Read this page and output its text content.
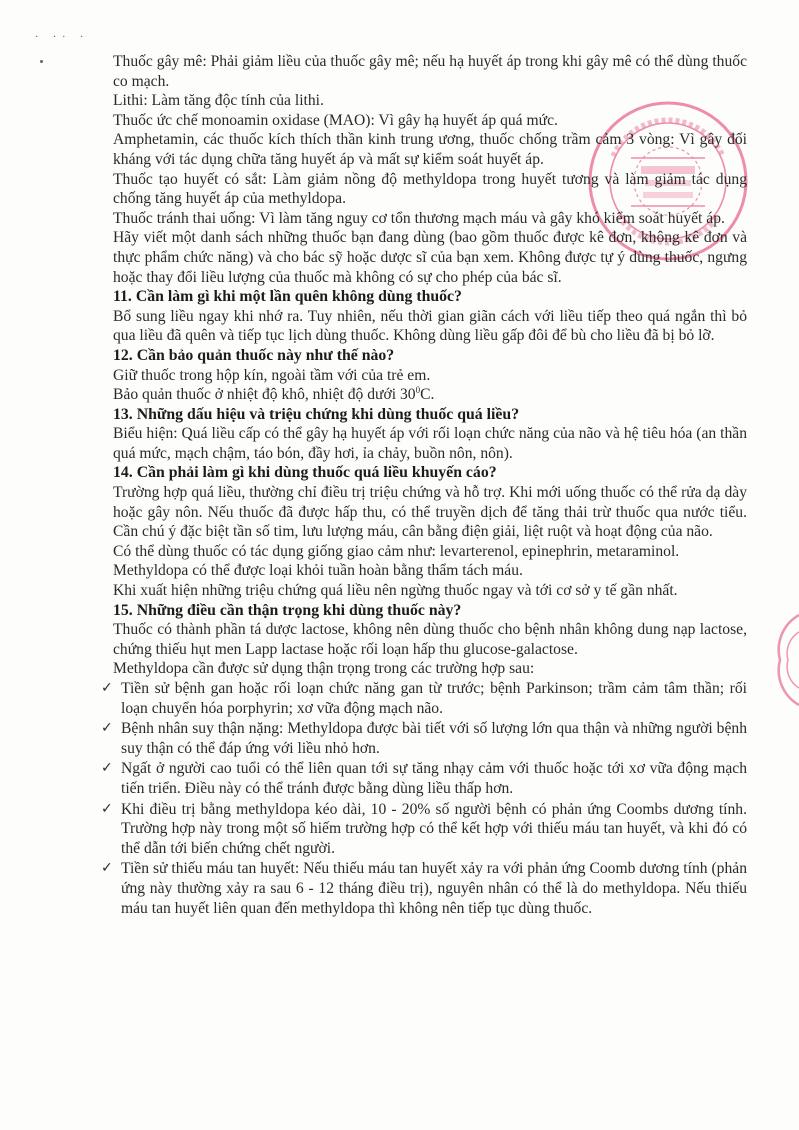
· ·· ·

Thuốc gây mê: Phải giảm liều của thuốc gây mê; nếu hạ huyết áp trong khi gây mê có thể dùng thuốc co mạch.

Lithi: Làm tăng độc tính của lithi.

Thuốc ức chế monoamin oxidase (MAO): Vì gây hạ huyết áp quá mức.

Amphetamin, các thuốc kích thích thần kinh trung ương, thuốc chống trầm cảm 3 vòng: Vì gây đối kháng với tác dụng chữa tăng huyết áp và mất sự kiểm soát huyết áp.

Thuốc tạo huyết có sắt: Làm giảm nồng độ methyldopa trong huyết tương và làm giảm tác dụng chống tăng huyết áp của methyldopa.

Thuốc tránh thai uống: Vì làm tăng nguy cơ tổn thương mạch máu và gây khó kiểm soát huyết áp.

Hãy viết một danh sách những thuốc bạn đang dùng (bao gồm thuốc được kê đơn, không kê đơn và thực phẩm chức năng) và cho bác sỹ hoặc dược sĩ của bạn xem. Không được tự ý dùng thuốc, ngưng hoặc thay đổi liều lượng của thuốc mà không có sự cho phép của bác sĩ.

11. Cần làm gì khi một lần quên không dùng thuốc?

Bổ sung liều ngay khi nhớ ra. Tuy nhiên, nếu thời gian giãn cách với liều tiếp theo quá ngắn thì bỏ qua liều đã quên và tiếp tục lịch dùng thuốc. Không dùng liều gấp đôi để bù cho liều đã bị bỏ lỡ.

12. Cần bảo quản thuốc này như thế nào?

Giữ thuốc trong hộp kín, ngoài tầm với của trẻ em.

Bảo quản thuốc ở nhiệt độ khô, nhiệt độ dưới $30^0C$.

13. Những dấu hiệu và triệu chứng khi dùng thuốc quá liều?

Biểu hiện: Quá liều cấp có thể gây hạ huyết áp với rối loạn chức năng của não và hệ tiêu hóa (an thần quá mức, mạch chậm, táo bón, đầy hơi, ỉa chảy, buồn nôn, nôn).

14. Cần phải làm gì khi dùng thuốc quá liều khuyến cáo?

Trường hợp quá liều, thường chỉ điều trị triệu chứng và hỗ trợ. Khi mới uống thuốc có thể rửa dạ dày hoặc gây nôn. Nếu thuốc đã được hấp thu, có thể truyền dịch để tăng thải trừ thuốc qua nước tiểu. Cần chú ý đặc biệt tần số tim, lưu lượng máu, cân bằng điện giải, liệt ruột và hoạt động của não.

Có thể dùng thuốc có tác dụng giống giao cảm như: levarterenol, epinephrin, metaraminol.

Methyldopa có thể được loại khỏi tuần hoàn bằng thẩm tách máu.

Khi xuất hiện những triệu chứng quá liều nên ngừng thuốc ngay và tới cơ sở y tế gần nhất.

15. Những điều cần thận trọng khi dùng thuốc này?

Thuốc có thành phần tá dược lactose, không nên dùng thuốc cho bệnh nhân không dung nạp lactose, chứng thiếu hụt men Lapp lactase hoặc rối loạn hấp thu glucose-galactose.

Methyldopa cần được sử dụng thận trọng trong các trường hợp sau:

✓ Tiền sử bệnh gan hoặc rối loạn chức năng gan từ trước; bệnh Parkinson; trầm cảm tâm thần; rối loạn chuyển hóa porphyrin; xơ vữa động mạch não.
✓ Bệnh nhân suy thận nặng: Methyldopa được bài tiết với số lượng lớn qua thận và những người bệnh suy thận có thể đáp ứng với liều nhỏ hơn.
✓ Ngất ở người cao tuổi có thể liên quan tới sự tăng nhạy cảm với thuốc hoặc tới xơ vữa động mạch tiến triển. Điều này có thể tránh được bằng dùng liều thấp hơn.
✓ Khi điều trị bằng methyldopa kéo dài, 10 - 20% số người bệnh có phản ứng Coombs dương tính. Trường hợp này trong một số hiếm trường hợp có thể kết hợp với thiếu máu tan huyết, và khi đó có thể dẫn tới biến chứng chết người.
✓ Tiền sử thiếu máu tan huyết: Nếu thiếu máu tan huyết xảy ra với phản ứng Coomb dương tính (phản ứng này thường xảy ra sau 6 - 12 tháng điều trị), nguyên nhân có thể là do methyldopa. Nếu thiếu máu tan huyết liên quan đến methyldopa thì không nên tiếp tục dùng thuốc.
